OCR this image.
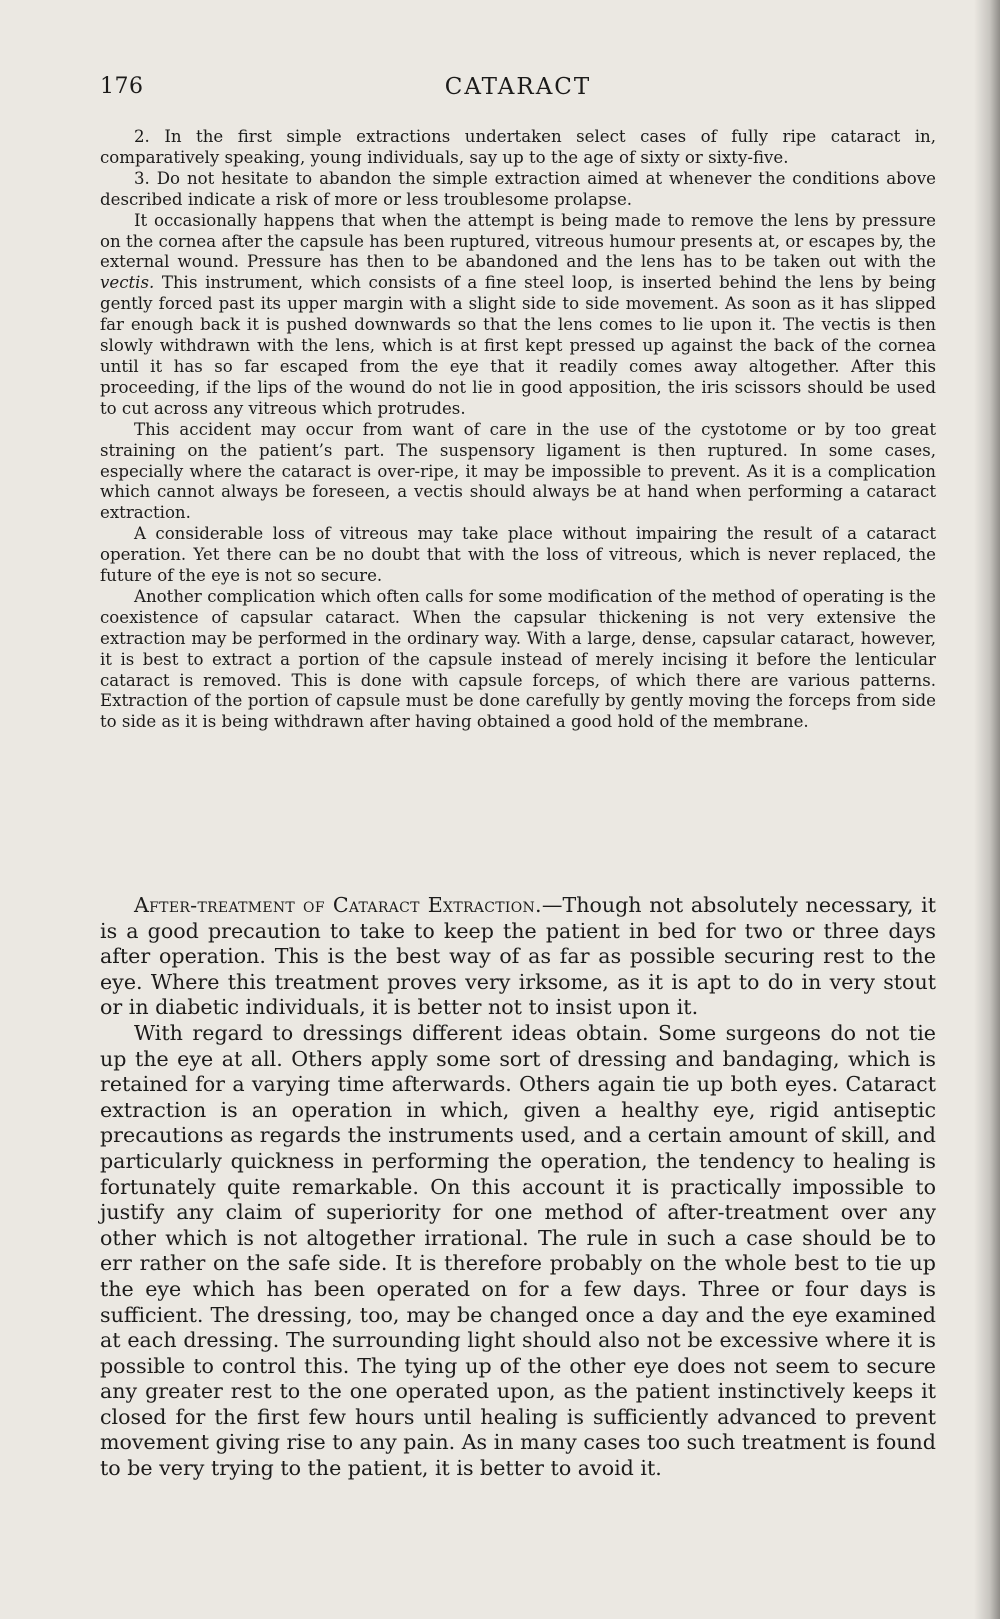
176	CATARACT

2. In the first simple extractions undertaken select cases of fully ripe cataract in, comparatively speaking, young individuals, say up to the age of sixty or sixty-five.

3. Do not hesitate to abandon the simple extraction aimed at whenever the conditions above described indicate a risk of more or less troublesome prolapse.

It occasionally happens that when the attempt is being made to remove the lens by pressure on the cornea after the capsule has been ruptured, vitreous humour presents at, or escapes by, the external wound. Pressure has then to be abandoned and the lens has to be taken out with the vectis. This instrument, which consists of a fine steel loop, is inserted behind the lens by being gently forced past its upper margin with a slight side to side movement. As soon as it has slipped far enough back it is pushed downwards so that the lens comes to lie upon it. The vectis is then slowly withdrawn with the lens, which is at first kept pressed up against the back of the cornea until it has so far escaped from the eye that it readily comes away altogether. After this proceeding, if the lips of the wound do not lie in good apposition, the iris scissors should be used to cut across any vitreous which protrudes.

This accident may occur from want of care in the use of the cystotome or by too great straining on the patient’s part. The suspensory ligament is then ruptured. In some cases, especially where the cataract is over-ripe, it may be impossible to prevent. As it is a complication which cannot always be foreseen, a vectis should always be at hand when performing a cataract extraction.

A considerable loss of vitreous may take place without impairing the result of a cataract operation. Yet there can be no doubt that with the loss of vitreous, which is never replaced, the future of the eye is not so secure.

Another complication which often calls for some modification of the method of operating is the coexistence of capsular cataract. When the capsular thickening is not very extensive the extraction may be performed in the ordinary way. With a large, dense, capsular cataract, however, it is best to extract a portion of the capsule instead of merely incising it before the lenticular cataract is removed. This is done with capsule forceps, of which there are various patterns. Extraction of the portion of capsule must be done carefully by gently moving the forceps from side to side as it is being withdrawn after having obtained a good hold of the membrane.

After-treatment of Cataract Extraction.—Though not absolutely necessary, it is a good precaution to take to keep the patient in bed for two or three days after operation. This is the best way of as far as possible securing rest to the eye. Where this treatment proves very irksome, as it is apt to do in very stout or in diabetic individuals, it is better not to insist upon it.

With regard to dressings different ideas obtain. Some surgeons do not tie up the eye at all. Others apply some sort of dressing and bandaging, which is retained for a varying time afterwards. Others again tie up both eyes. Cataract extraction is an operation in which, given a healthy eye, rigid antiseptic precautions as regards the instruments used, and a certain amount of skill, and particularly quickness in performing the operation, the tendency to healing is fortunately quite remarkable. On this account it is practically impossible to justify any claim of superiority for one method of after-treatment over any other which is not altogether irrational. The rule in such a case should be to err rather on the safe side. It is therefore probably on the whole best to tie up the eye which has been operated on for a few days. Three or four days is sufficient. The dressing, too, may be changed once a day and the eye examined at each dressing. The surrounding light should also not be excessive where it is possible to control this. The tying up of the other eye does not seem to secure any greater rest to the one operated upon, as the patient instinctively keeps it closed for the first few hours until healing is sufficiently advanced to prevent movement giving rise to any pain. As in many cases too such treatment is found to be very trying to the patient, it is better to avoid it.
